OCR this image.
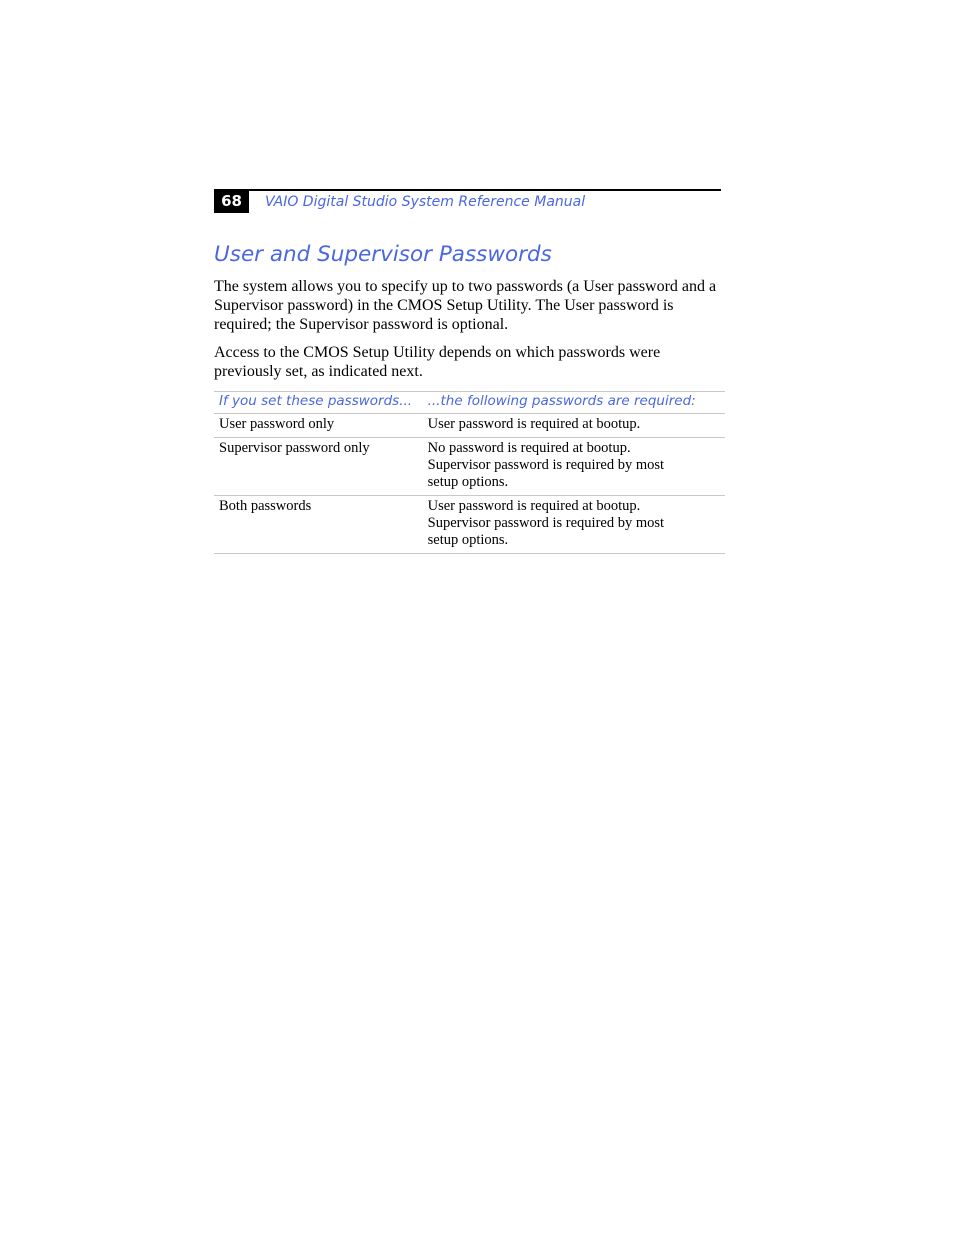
68	VAIO Digital Studio System Reference Manual
User and Supervisor Passwords

The system allows you to specify up to two passwords (a User password and a Supervisor password) in the CMOS Setup Utility. The User password is required; the Supervisor password is optional.

Access to the CMOS Setup Utility depends on which passwords were previously set, as indicated next.

If you set these passwords...	...the following passwords are required:
User password only	User password is required at bootup.

Supervisor password only	No password is required at bootup.
Supervisor password is required by most
setup options.

Both passwords	User password is required at bootup.
Supervisor password is required by most
setup options.
